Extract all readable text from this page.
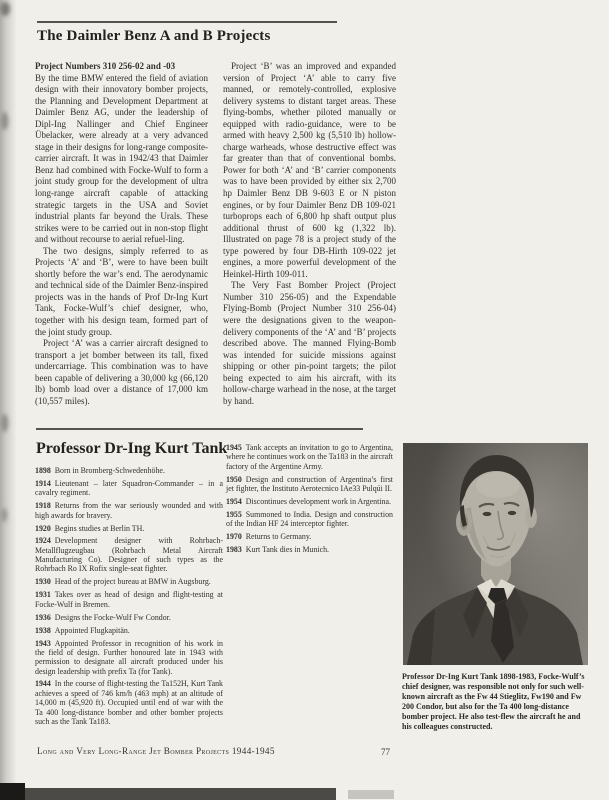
The Daimler Benz A and B Projects

Project Numbers 310 256-02 and -03

By the time BMW entered the field of aviation design with their innovatory bomber projects, the Planning and Development Department at Daimler Benz AG, under the leadership of Dipl-Ing Nallinger and Chief Engineer Übelacker, were already at a very advanced stage in their designs for long-range composite-carrier aircraft. It was in 1942/43 that Daimler Benz had combined with Focke-Wulf to form a joint study group for the development of ultra long-range aircraft capable of attacking strategic targets in the USA and Soviet industrial plants far beyond the Urals. These strikes were to be carried out in non-stop flight and without recourse to aerial refuel-ling.

The two designs, simply referred to as Projects ‘A’ and ‘B’, were to have been built shortly before the war’s end. The aerodynamic and technical side of the Daimler Benz-inspired projects was in the hands of Prof Dr-Ing Kurt Tank, Focke-Wulf’s chief designer, who, together with his design team, formed part of the joint study group.

Project ‘A’ was a carrier aircraft designed to transport a jet bomber between its tall, fixed undercarriage. This combination was to have been capable of delivering a 30,000 kg (66,120 lb) bomb load over a distance of 17,000 km (10,557 miles).

Project ‘B’ was an improved and expanded version of Project ‘A’ able to carry five manned, or remotely-controlled, explosive delivery systems to distant target areas. These flying-bombs, whether piloted manually or equipped with radio-guidance, were to be armed with heavy 2,500 kg (5,510 lb) hollow-charge warheads, whose destructive effect was far greater than that of conventional bombs. Power for both ‘A’ and ‘B’ carrier components was to have been provided by either six 2,700 hp Daimler Benz DB 9-603 E or N piston engines, or by four Daimler Benz DB 109-021 turboprops each of 6,800 hp shaft output plus additional thrust of 600 kg (1,322 lb). Illustrated on page 78 is a project study of the type powered by four DB-Hirth 109-022 jet engines, a more powerful development of the Heinkel-Hirth 109-011.

The Very Fast Bomber Project (Project Number 310 256-05) and the Expendable Flying-Bomb (Project Number 310 256-04) were the designations given to the weapon-delivery components of the ‘A’ and ‘B’ projects described above. The manned Flying-Bomb was intended for suicide missions against shipping or other pin-point targets; the pilot being expected to aim his aircraft, with its hollow-charge warhead in the nose, at the target by hand.

Professor Dr-Ing Kurt Tank

1898 Born in Bromberg-Schwedenhöhe.

1914 Lieutenant – later Squadron-Commander – in a cavalry regiment.

1918 Returns from the war seriously wounded and with high awards for bravery.

1920 Begins studies at Berlin TH.

1924 Development designer with Rohrbach-Metallflugzeugbau (Rohrbach Metal Aircraft Manufacturing Co). Designer of such types as the Rohrbach Ro IX Rofix single-seat fighter.

1930 Head of the project bureau at BMW in Augsburg.

1931 Takes over as head of design and flight-testing at Focke-Wulf in Bremen.

1936 Designs the Focke-Wulf Fw Condor.

1938 Appointed Flugkapitän.

1943 Appointed Professor in recognition of his work in the field of design. Further honoured late in 1943 with permission to designate all aircraft produced under his design leadership with prefix Ta (for Tank).

1944 In the course of flight-testing the Ta152H, Kurt Tank achieves a speed of 746 km/h (463 mph) at an altitude of 14,000 m (45,920 ft). Occupied until end of war with the Ta 400 long-distance bomber and other bomber projects such as the Tank Ta183.

1945 Tank accepts an invitation to go to Argentina, where he continues work on the Ta183 in the aircraft factory of the Argentine Army.

1950 Design and construction of Argentina’s first jet fighter, the Instituto Aerotecnico IAe33 Pulqúi II.

1954 Discontinues development work in Argentina.

1955 Summoned to India. Design and construction of the Indian HF 24 interceptor fighter.

1970 Returns to Germany.

1983 Kurt Tank dies in Munich.

Professor Dr-Ing Kurt Tank 1898-1983, Focke-Wulf’s chief designer, was responsible not only for such well-known aircraft as the Fw 44 Stieglitz, Fw190 and Fw 200 Condor, but also for the Ta 400 long-distance bomber project. He also test-flew the aircraft he and his colleagues constructed.

Long and Very Long-Range Jet Bomber Projects 1944-1945	77
